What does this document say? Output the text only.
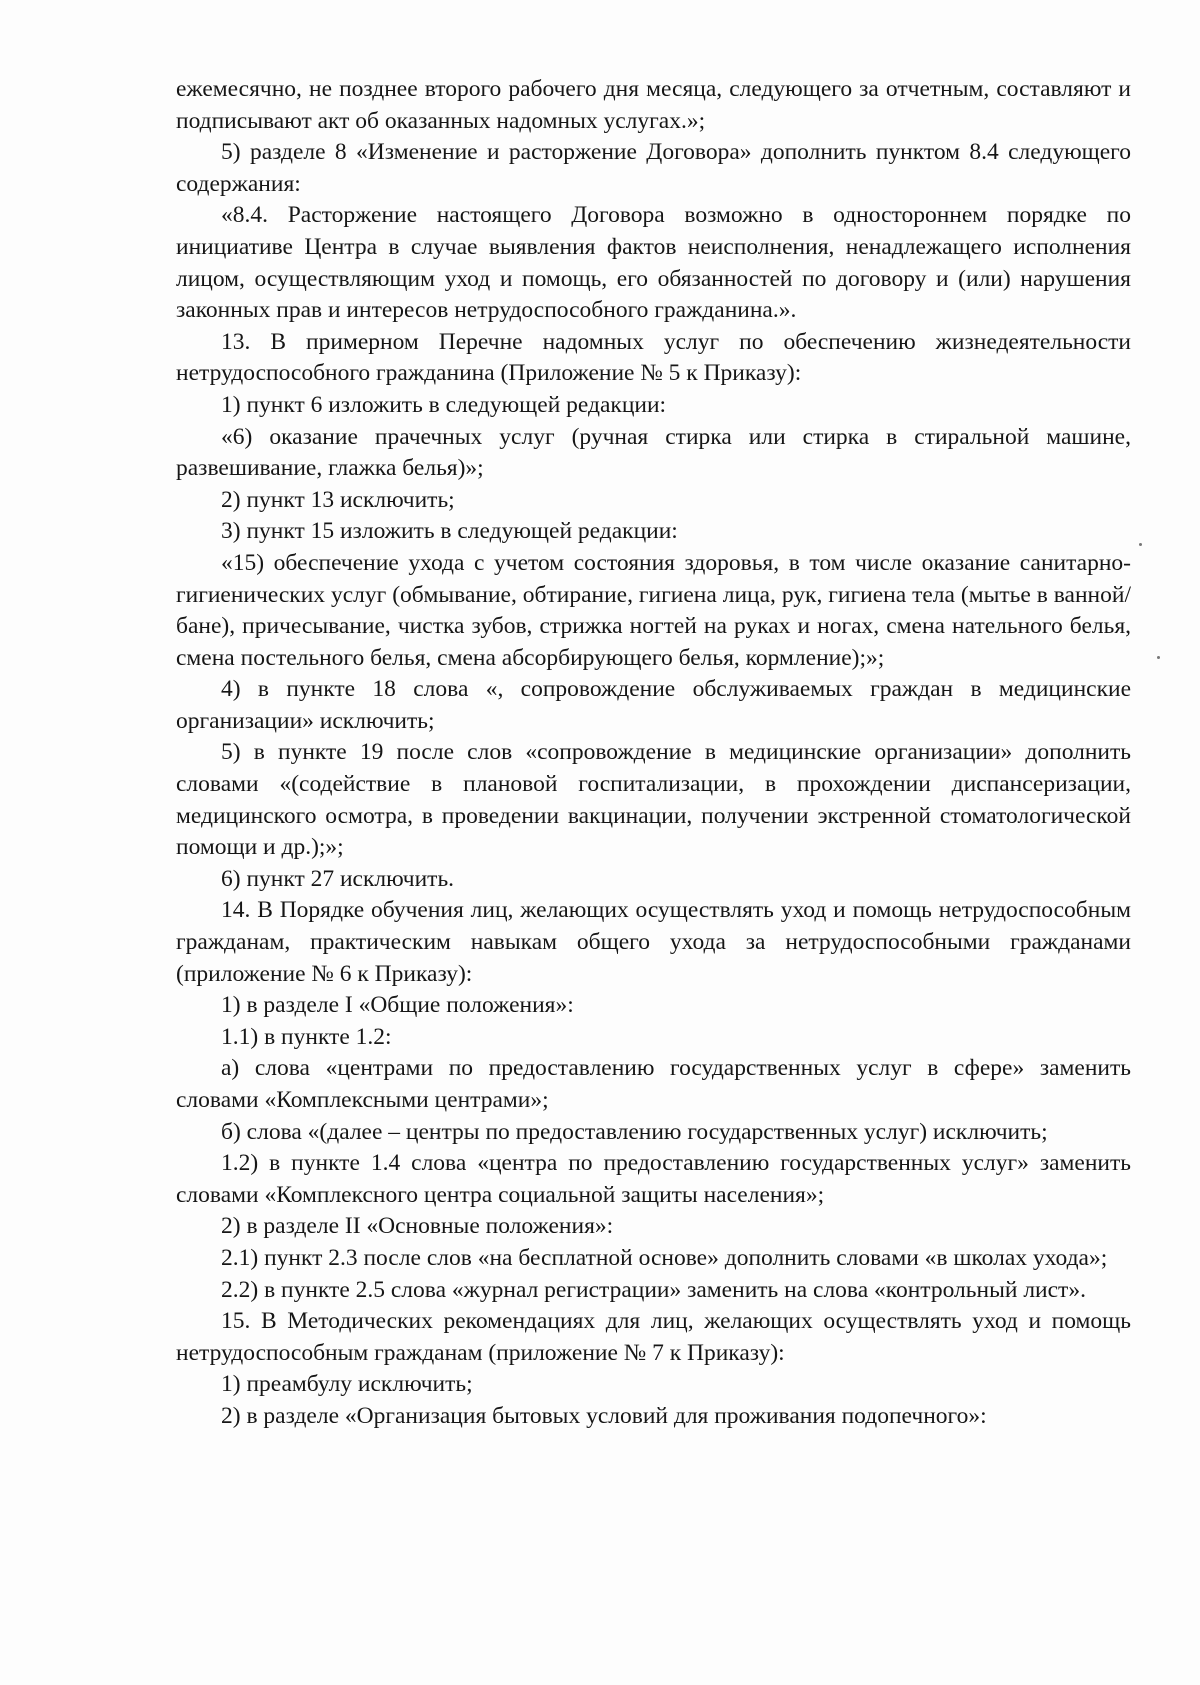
ежемесячно, не позднее второго рабочего дня месяца, следующего за отчетным, составляют и подписывают акт об оказанных надомных услугах.»;

5) разделе 8 «Изменение и расторжение Договора» дополнить пунктом 8.4 следующего содержания:

«8.4. Расторжение настоящего Договора возможно в одностороннем порядке по инициативе Центра в случае выявления фактов неисполнения, ненадлежащего исполнения лицом, осуществляющим уход и помощь, его обязанностей по договору и (или) нарушения законных прав и интересов нетрудоспособного гражданина.».

13. В примерном Перечне надомных услуг по обеспечению жизнедеятельности нетрудоспособного гражданина (Приложение № 5 к Приказу):

1) пункт 6 изложить в следующей редакции:

«6) оказание прачечных услуг (ручная стирка или стирка в стиральной машине, развешивание, глажка белья)»;

2) пункт 13 исключить;

3) пункт 15 изложить в следующей редакции:

«15) обеспечение ухода с учетом состояния здоровья, в том числе оказание санитарно-гигиенических услуг (обмывание, обтирание, гигиена лица, рук, гигиена тела (мытье в ванной/бане), причесывание, чистка зубов, стрижка ногтей на руках и ногах, смена нательного белья, смена постельного белья, смена абсорбирующего белья, кормление);»;

4) в пункте 18 слова «, сопровождение обслуживаемых граждан в медицинские организации» исключить;

5) в пункте 19 после слов «сопровождение в медицинские организации» дополнить словами «(содействие в плановой госпитализации, в прохождении диспансеризации, медицинского осмотра, в проведении вакцинации, получении экстренной стоматологической помощи и др.);»;

6) пункт 27 исключить.

14. В Порядке обучения лиц, желающих осуществлять уход и помощь нетрудоспособным гражданам, практическим навыкам общего ухода за нетрудоспособными гражданами (приложение № 6 к Приказу):

1) в разделе I «Общие положения»:

1.1) в пункте 1.2:

а) слова «центрами по предоставлению государственных услуг в сфере» заменить словами «Комплексными центрами»;

б) слова «(далее – центры по предоставлению государственных услуг) исключить;

1.2) в пункте 1.4 слова «центра по предоставлению государственных услуг» заменить словами «Комплексного центра социальной защиты населения»;

2) в разделе II «Основные положения»:

2.1) пункт 2.3 после слов «на бесплатной основе» дополнить словами «в школах ухода»;

2.2) в пункте 2.5 слова «журнал регистрации» заменить на слова «контрольный лист».

15. В Методических рекомендациях для лиц, желающих осуществлять уход и помощь нетрудоспособным гражданам (приложение № 7 к Приказу):

1) преамбулу исключить;

2) в разделе «Организация бытовых условий для проживания подопечного»:
